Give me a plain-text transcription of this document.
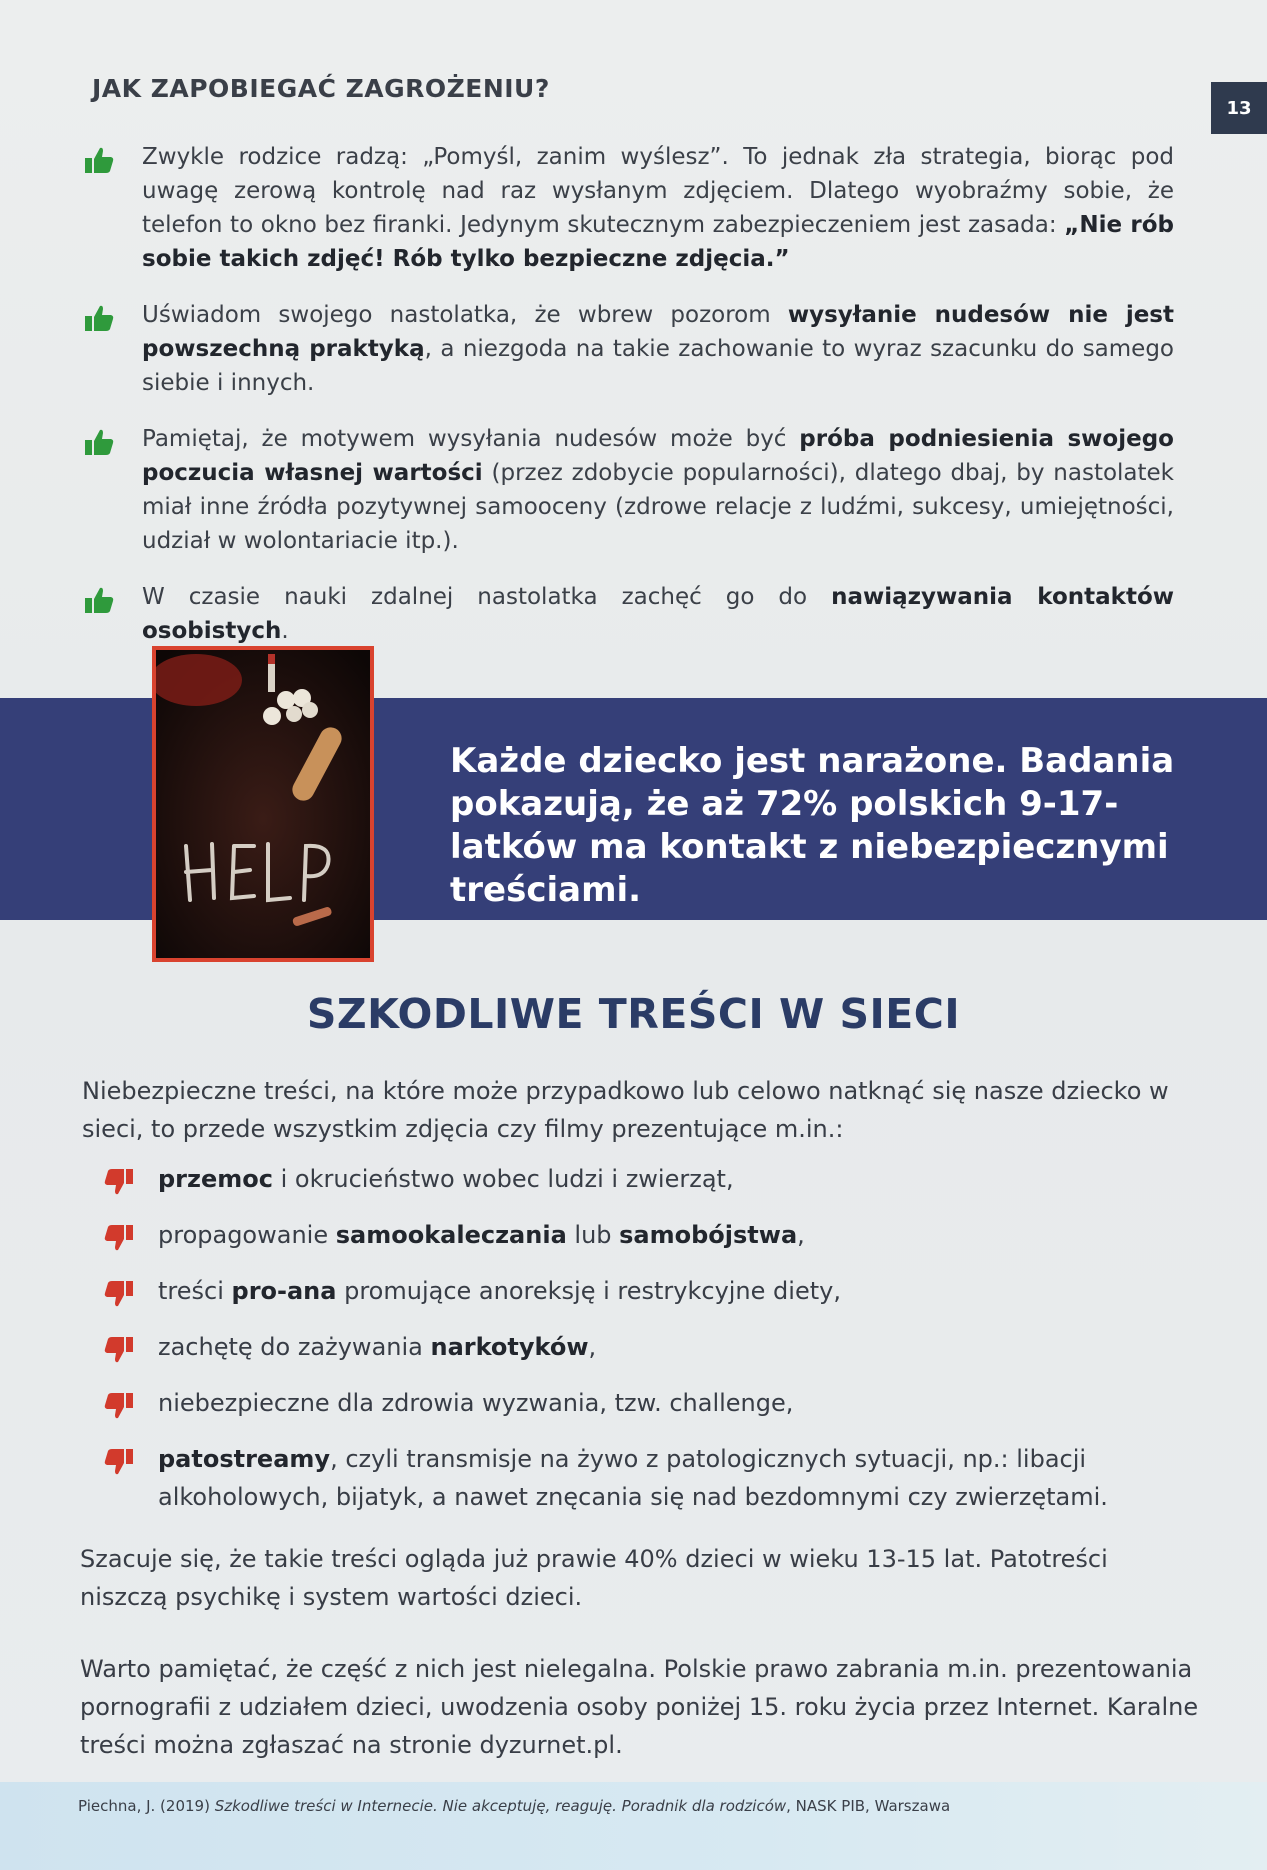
JAK ZAPOBIEGAĆ ZAGROŻENIU?
13
Zwykle rodzice radzą: „Pomyśl, zanim wyślesz”. To jednak zła strategia, biorąc pod uwagę zerową kontrolę nad raz wysłanym zdjęciem. Dlatego wyobraźmy sobie, że telefon to okno bez firanki. Jedynym skutecznym zabezpieczeniem jest zasada: „Nie rób sobie takich zdjęć! Rób tylko bezpieczne zdjęcia.”
Uświadom swojego nastolatka, że wbrew pozorom wysyłanie nudesów nie jest powszechną praktyką, a niezgoda na takie zachowanie to wyraz szacunku do samego siebie i innych.
Pamiętaj, że motywem wysyłania nudesów może być próba podniesienia swojego poczucia własnej wartości (przez zdobycie popularności), dlatego dbaj, by nastolatek miał inne źródła pozytywnej samooceny (zdrowe relacje z ludźmi, sukcesy, umiejętności, udział w wolontariacie itp.).
W czasie nauki zdalnej nastolatka zachęć go do nawiązywania kontaktów osobistych.
Każde dziecko jest narażone. Badania pokazują, że aż 72% polskich 9-17-latków ma kontakt z niebezpiecznymi treściami.
SZKODLIWE TREŚCI W SIECI
Niebezpieczne treści, na które może przypadkowo lub celowo natknąć się nasze dziecko w sieci, to przede wszystkim zdjęcia czy filmy prezentujące m.in.:
przemoc i okrucieństwo wobec ludzi i zwierząt,
propagowanie samookaleczania lub samobójstwa,
treści pro-ana promujące anoreksję i restrykcyjne diety,
zachętę do zażywania narkotyków,
niebezpieczne dla zdrowia wyzwania, tzw. challenge,
patostreamy, czyli transmisje na żywo z patologicznych sytuacji, np.: libacji alkoholowych, bijatyk, a nawet znęcania się nad bezdomnymi czy zwierzętami.
Szacuje się, że takie treści ogląda już prawie 40% dzieci w wieku 13-15 lat. Patotreści niszczą psychikę i system wartości dzieci.
Warto pamiętać, że część z nich jest nielegalna. Polskie prawo zabrania m.in. prezentowania pornografii z udziałem dzieci, uwodzenia osoby poniżej 15. roku życia przez Internet. Karalne treści można zgłaszać na stronie dyzurnet.pl.
Piechna, J. (2019) Szkodliwe treści w Internecie. Nie akceptuję, reaguję. Poradnik dla rodziców, NASK PIB, Warszawa
